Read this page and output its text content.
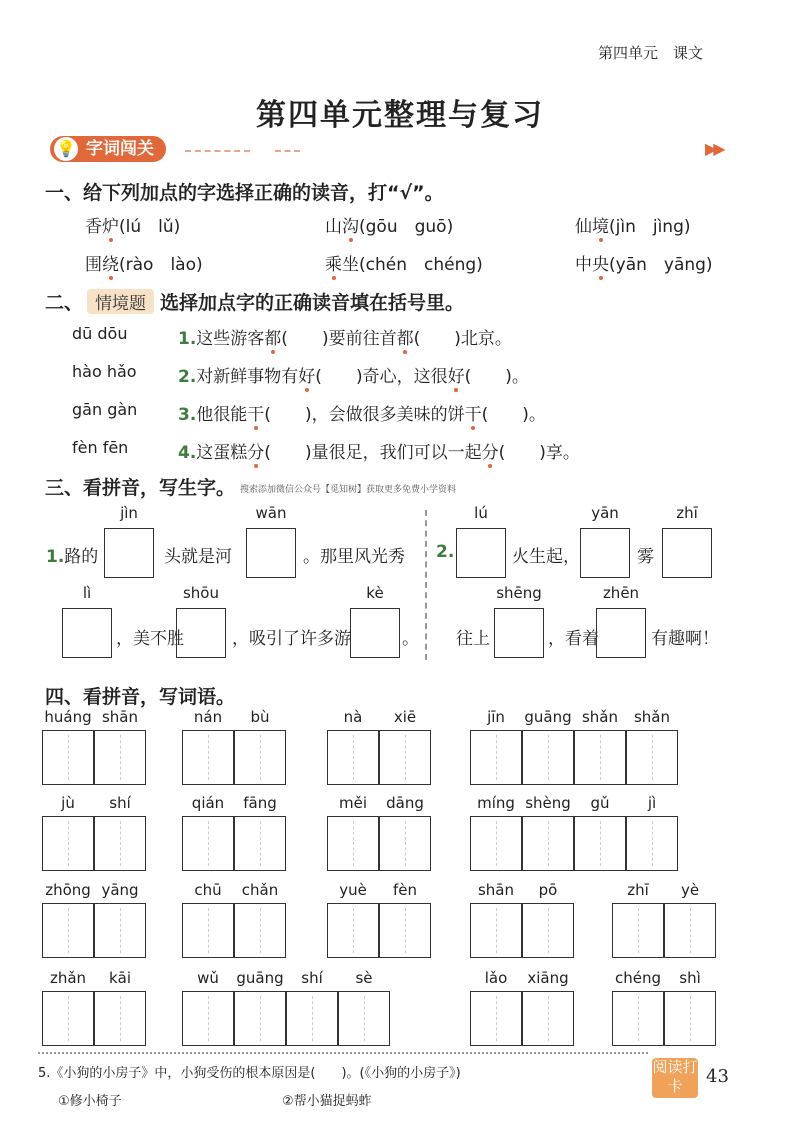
第四单元　课文
第四单元整理与复习
💡 字词闯关	▶▶
一、给下列加点的字选择正确的读音，打“√”。
香炉(lú　lǔ)	山沟(gōu　guō)	仙境(jìn　jìng)
围绕(rào　lào)	乘坐(chén　chéng)	中央(yān　yāng)
二、 情境题 选择加点字的正确读音填在括号里。
dū dōu	1.这些游客都( )要前往首都( )北京。
hào hǎo 2.对新鲜事物有好( )奇心，这很好( )。
gān gàn 3.他很能干( )，会做很多美味的饼干( )。
fèn fēn	4.这蛋糕分( )量很足，我们可以一起分( )享。
三、看拼音，写生字。 搜索添加微信公众号【觅知树】获取更多免费小学资料
1.路的	头就是河	。那里风光秀
，美不胜	，吸引了许多游	。
2.	火生起，	雾
往上	，看着	有趣啊！
jìn	wān
lì	shōu	kè
lú	yān	zhī
shēng	zhēn
四、看拼音，写词语。
huáng shān	nán	bù	nà	xiē	jīn	guāng shǎn	shǎn
jù	shí	qián	fāng	měi	dāng	míng shèng	gǔ	jì
zhōng yāng	chū	chǎn	yuè	fèn	shān	pō	zhī	yè
zhǎn	kāi	wǔ	guāng	shí	sè	lǎo	xiāng	chéng	shì
5.《小狗的小房子》中，小狗受伤的根本原因是(　　)。(《小狗的小房子》)
①修小椅子	②帮小猫捉蚂蚱
阅读打卡	43
